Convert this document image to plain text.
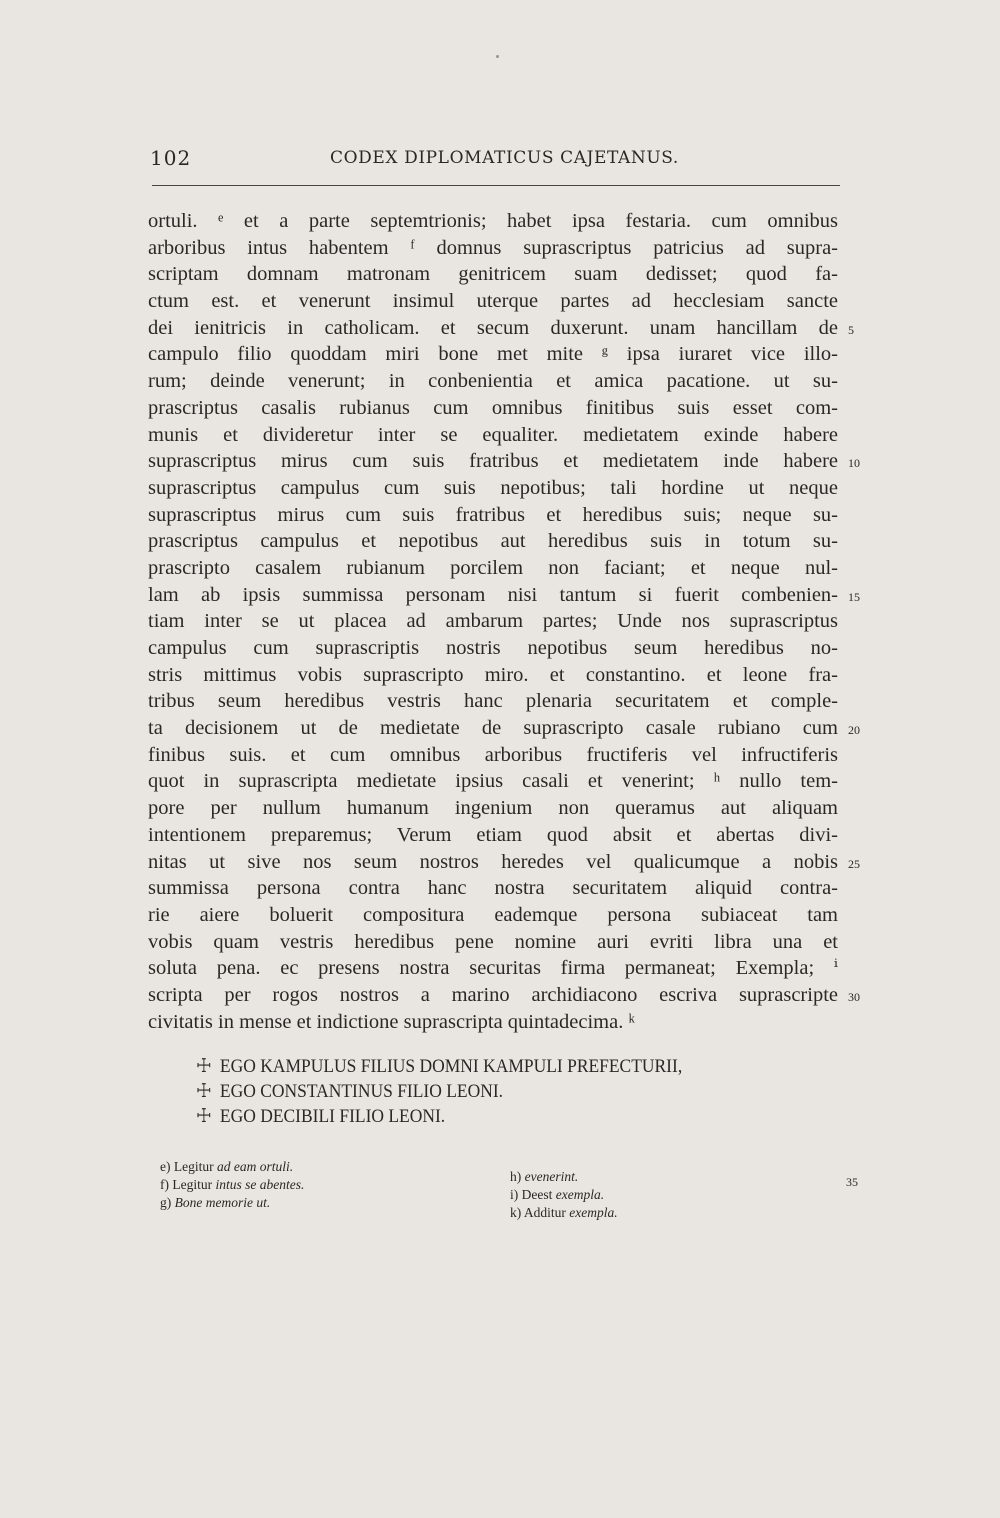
102	CODEX DIPLOMATICUS CAJETANUS.
ortuli. ᵉ et a parte septemtrionis; habet ipsa festaria. cum omnibus
arboribus intus habentem ᶠ domnus suprascriptus patricius ad supra-
scriptam domnam matronam genitricem suam dedisset; quod fa-
ctum est. et venerunt insimul uterque partes ad hecclesiam sancte
dei ienitricis in catholicam. et secum duxerunt. unam hancillam de
campulo filio quoddam miri bone met mite ᵍ ipsa iuraret vice illo-
rum; deinde venerunt; in conbenientia et amica pacatione. ut su-
prascriptus casalis rubianus cum omnibus finitibus suis esset com-
munis et divideretur inter se equaliter. medietatem exinde habere
suprascriptus mirus cum suis fratribus et medietatem inde habere
suprascriptus campulus cum suis nepotibus; tali hordine ut neque
suprascriptus mirus cum suis fratribus et heredibus suis; neque su-
prascriptus campulus et nepotibus aut heredibus suis in totum su-
prascripto casalem rubianum porcilem non faciant; et neque nul-
lam ab ipsis summissa personam nisi tantum si fuerit combenien-
tiam inter se ut placea ad ambarum partes; Unde nos suprascriptus
campulus cum suprascriptis nostris nepotibus seum heredibus no-
stris mittimus vobis suprascripto miro. et constantino. et leone fra-
tribus seum heredibus vestris hanc plenaria securitatem et comple-
ta decisionem ut de medietate de suprascripto casale rubiano cum
finibus suis. et cum omnibus arboribus fructiferis vel infructiferis
quot in suprascripta medietate ipsius casali et venerint; ʰ nullo tem-
pore per nullum humanum ingenium non queramus aut aliquam
intentionem preparemus; Verum etiam quod absit et abertas divi-
nitas ut sive nos seum nostros heredes vel qualicumque a nobis
summissa persona contra hanc nostra securitatem aliquid contra-
rie aiere boluerit compositura eademque persona subiaceat tam
vobis quam vestris heredibus pene nomine auri evriti libra una et
soluta pena. ec presens nostra securitas firma permaneat; Exempla; ⁱ
scripta per rogos nostros a marino archidiacono escriva suprascripte
civitatis in mense et indictione suprascripta quintadecima. ᵏ
5
10
15
20
25
30
☩ EGO KAMPULUS FILIUS DOMNI KAMPULI PREFECTURII,
☩ EGO CONSTANTINUS FILIO LEONI.
☩ EGO DECIBILI FILIO LEONI.
e) Legitur ad eam ortuli.
f) Legitur intus se abentes.
g) Bone memorie ut.
h) evenerint.
i) Deest exempla.
k) Additur exempla.
35
